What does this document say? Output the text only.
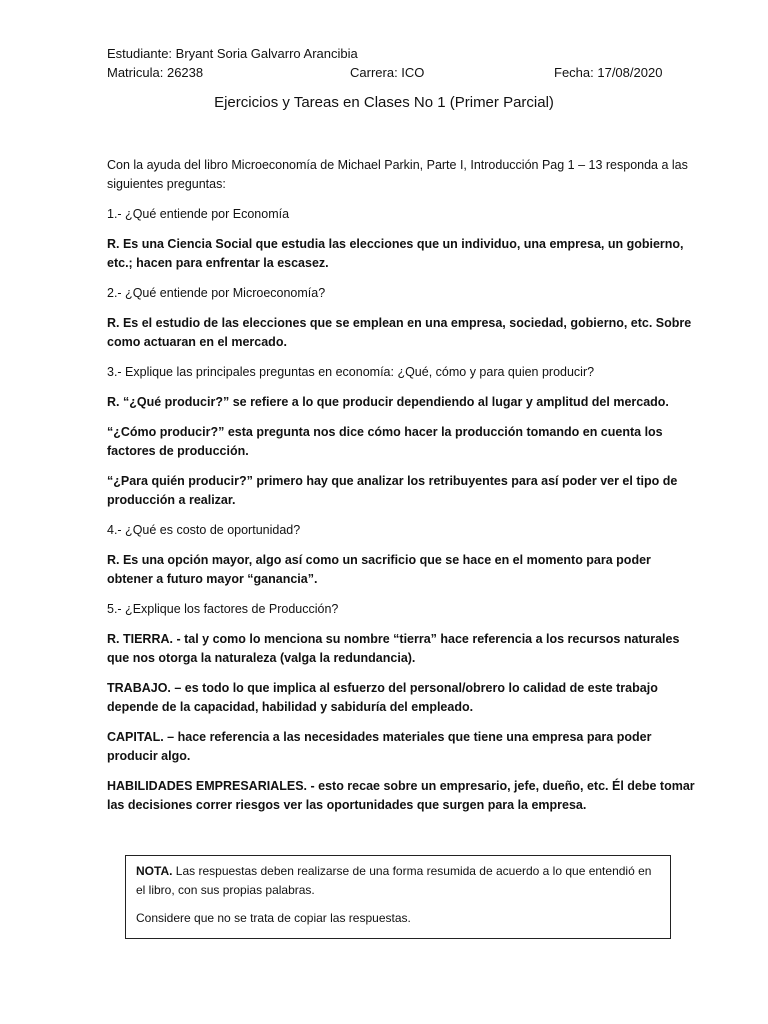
Estudiante: Bryant Soria Galvarro Arancibia
Matricula: 26238	Carrera: ICO	Fecha: 17/08/2020
Ejercicios y Tareas en Clases No 1 (Primer Parcial)

Con la ayuda del libro Microeconomía de Michael Parkin, Parte I, Introducción Pag 1 – 13 responda a las siguientes preguntas:

1.- ¿Qué entiende por Economía

R. Es una Ciencia Social que estudia las elecciones que un individuo, una empresa, un gobierno, etc.; hacen para enfrentar la escasez.

2.- ¿Qué entiende por Microeconomía?

R. Es el estudio de las elecciones que se emplean en una empresa, sociedad, gobierno, etc. Sobre como actuaran en el mercado.

3.- Explique las principales preguntas en economía: ¿Qué, cómo y para quien producir?

R. “¿Qué producir?” se refiere a lo que producir dependiendo al lugar y amplitud del mercado.

“¿Cómo producir?” esta pregunta nos dice cómo hacer la producción tomando en cuenta los factores de producción.

“¿Para quién producir?” primero hay que analizar los retribuyentes para así poder ver el tipo de producción a realizar.

4.- ¿Qué es costo de oportunidad?

R. Es una opción mayor, algo así como un sacrificio que se hace en el momento para poder obtener a futuro mayor “ganancia”.

5.- ¿Explique los factores de Producción?

R. TIERRA. - tal y como lo menciona su nombre “tierra” hace referencia a los recursos naturales que nos otorga la naturaleza (valga la redundancia).

TRABAJO. – es todo lo que implica al esfuerzo del personal/obrero lo calidad de este trabajo depende de la capacidad, habilidad y sabiduría del empleado.

CAPITAL. – hace referencia a las necesidades materiales que tiene una empresa para poder producir algo.

HABILIDADES EMPRESARIALES. - esto recae sobre un empresario, jefe, dueño, etc. Él debe tomar las decisiones correr riesgos ver las oportunidades que surgen para la empresa.

NOTA. Las respuestas deben realizarse de una forma resumida de acuerdo a lo que entendió en el libro, con sus propias palabras.

Considere que no se trata de copiar las respuestas.
